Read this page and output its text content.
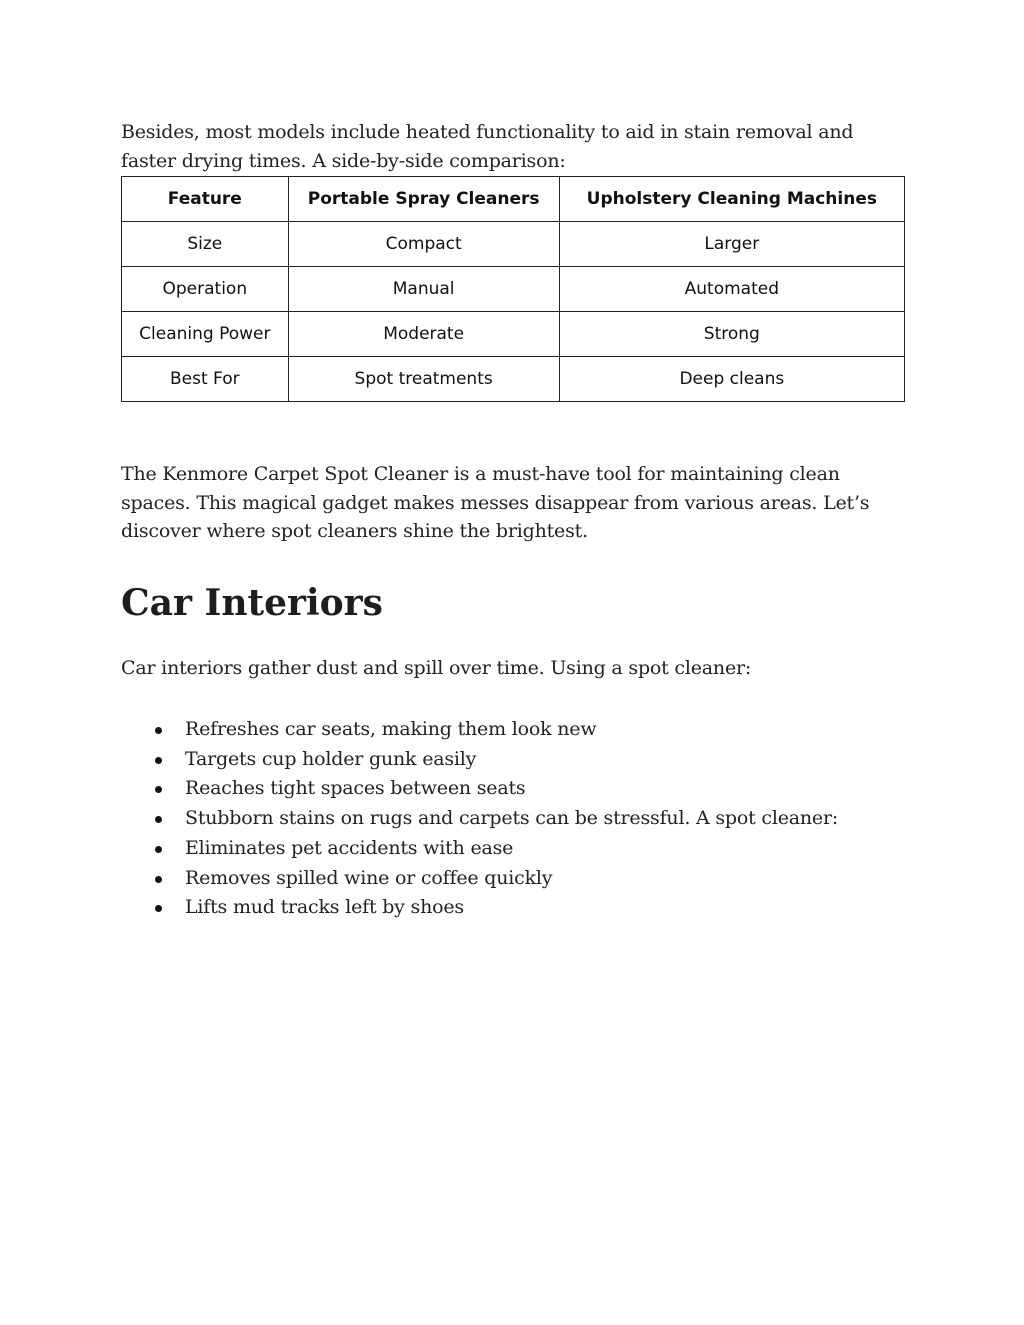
Besides, most models include heated functionality to aid in stain removal and faster drying times. A side-by-side comparison:

Feature	Portable Spray Cleaners	Upholstery Cleaning Machines
Size	Compact	Larger
Operation	Manual	Automated
Cleaning Power	Moderate	Strong
Best For	Spot treatments	Deep cleans

The Kenmore Carpet Spot Cleaner is a must-have tool for maintaining clean spaces. This magical gadget makes messes disappear from various areas. Let’s discover where spot cleaners shine the brightest.

Car Interiors

Car interiors gather dust and spill over time. Using a spot cleaner:

Refreshes car seats, making them look new
Targets cup holder gunk easily
Reaches tight spaces between seats
Stubborn stains on rugs and carpets can be stressful. A spot cleaner:
Eliminates pet accidents with ease
Removes spilled wine or coffee quickly
Lifts mud tracks left by shoes
